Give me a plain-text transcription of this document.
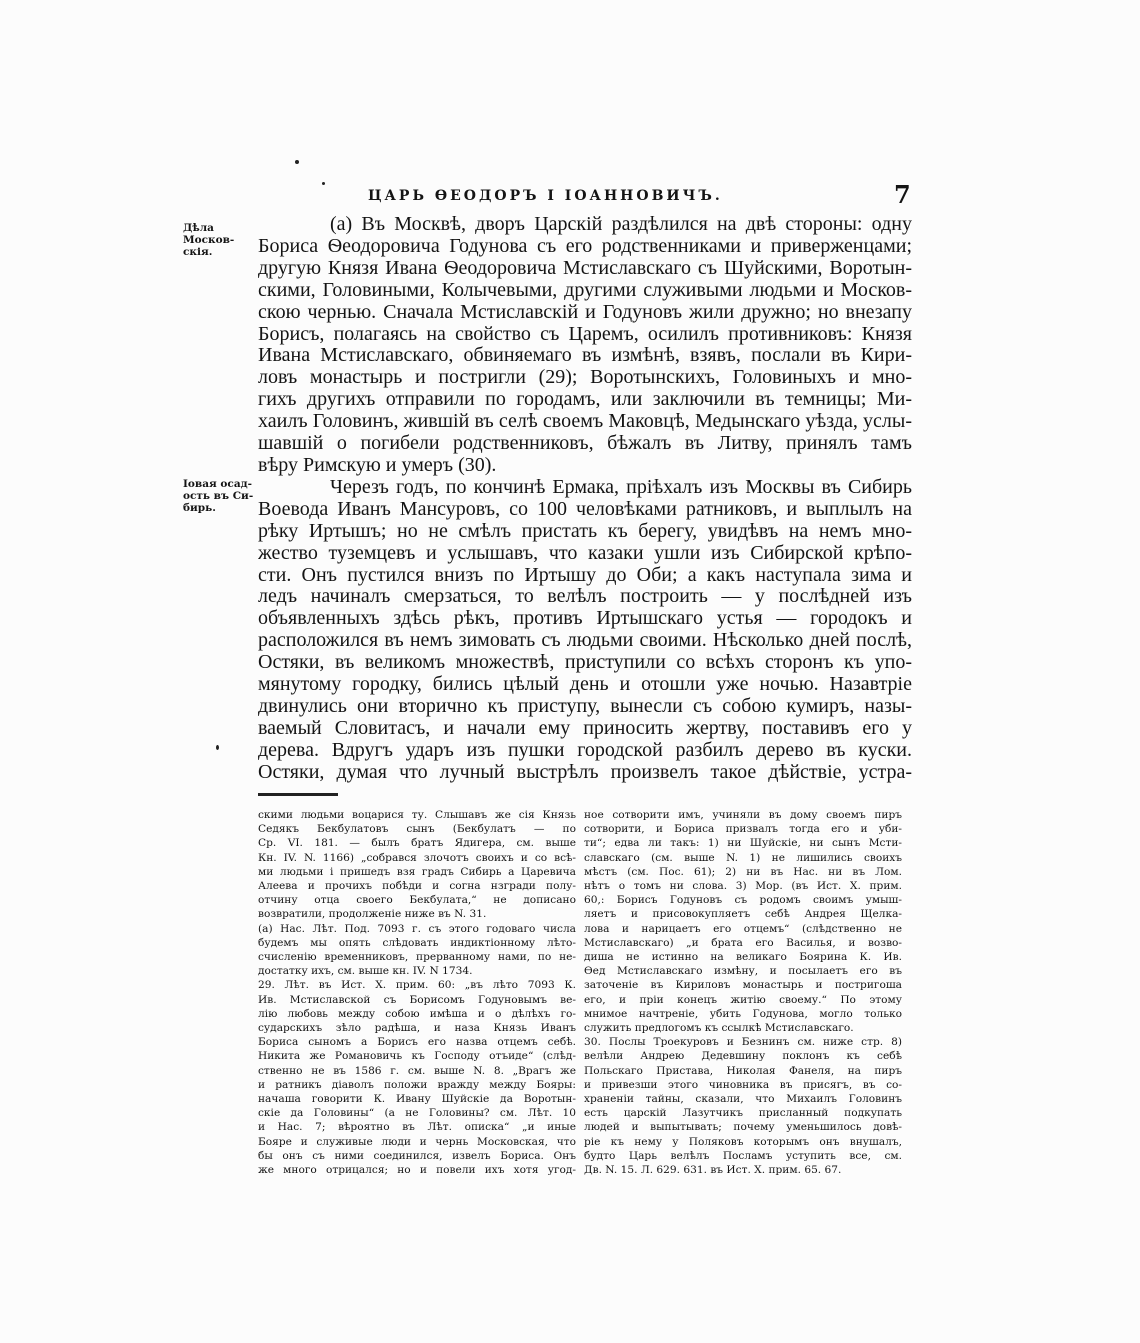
ЦАРЬ ѲЕОДОРЪ I ІОАННОВИЧЪ.	7
Дѣла Москов-
скія.
Іовая осад-
ость въ Си-
бирь.
(а) Въ Москвѣ, дворъ Царскій раздѣлился на двѣ стороны: одну
Бориса Ѳеодоровича Годунова съ его родственниками и приверженцами;
другую Князя Ивана Ѳеодоровича Мстиславскаго съ Шуйскими, Воротын-
скими, Головиными, Колычевыми, другими служивыми людьми и Москов-
скою чернью. Сначала Мстиславскій и Годуновъ жили дружно; но внезапу
Борисъ, полагаясь на свойство съ Царемъ, осилилъ противниковъ: Князя
Ивана Мстиславскаго, обвиняемаго въ измѣнѣ, взявъ, послали въ Кири-
ловъ монастырь и постригли (29); Воротынскихъ, Головиныхъ и мно-
гихъ другихъ отправили по городамъ, или заключили въ темницы; Ми-
хаилъ Головинъ, жившій въ селѣ своемъ Маковцѣ, Медынскаго уѣзда, услы-
шавшій о погибели родственниковъ, бѣжалъ въ Литву, принялъ тамъ
вѣру Римскую и умеръ (30).
Черезъ годъ, по кончинѣ Ермака, пріѣхалъ изъ Москвы въ Сибирь
Воевода Иванъ Мансуровъ, со 100 человѣками ратниковъ, и выплылъ на
рѣку Иртышъ; но не смѣлъ пристать къ берегу, увидѣвъ на немъ мно-
жество туземцевъ и услышавъ, что казаки ушли изъ Сибирской крѣпо-
сти. Онъ пустился внизъ по Иртышу до Оби; а какъ наступала зима и
ледъ начиналъ смерзаться, то велѣлъ построить — у послѣдней изъ
объявленныхъ здѣсь рѣкъ, противъ Иртышскаго устья — городокъ и
расположился въ немъ зимовать съ людьми своими. Нѣсколько дней послѣ,
Остяки, въ великомъ множествѣ, приступили со всѣхъ сторонъ къ упо-
мянутому городку, бились цѣлый день и отошли уже ночью. Назавтріе
двинулись они вторично къ приступу, вынесли съ собою кумиръ, назы-
ваемый Словитасъ, и начали ему приносить жертву, поставивъ его у
дерева. Вдругъ ударъ изъ пушки городской разбилъ дерево въ куски.
Остяки, думая что лучный выстрѣлъ произвелъ такое дѣйствіе, устра-
скими людьми воцарися ту. Слышавъ же сія Князь
Седякъ Бекбулатовъ сынъ (Бекбулатъ — по
Ср. VI. 181. — былъ братъ Ядигера, см. выше
Кн. IV. N. 1166) „собрався злочотъ своихъ и со всѣ-
ми людьми і пришедъ взя градъ Сибирь а Царевича
Алеева и прочихъ побѣди и согна нзгради полу-
отчину отца своего Бекбулата,“ не дописано
возвратили, продолженіе ниже въ N. 31.
(а) Нас. Лѣт. Под. 7093 г. съ этого годоваго числа
будемъ мы опять слѣдовать индиктіонному лѣто-
счисленію временниковъ, прерванному нами, по не-
достатку ихъ, см. выше кн. IV. N 1734.
29. Лѣт. въ Ист. X. прим. 60: „въ лѣто 7093 К.
Ив. Мстиславской съ Борисомъ Годуновымъ ве-
лію любовь между собою имѣша и о дѣлѣхъ го-
сударскихъ зѣло радѣша, и наза Князь Иванъ
Бориса сыномъ а Борисъ его назва отцемъ себѣ.
Никита же Романовичь къ Господу отъиде“ (слѣд-
ственно не въ 1586 г. см. выше N. 8. „Врагъ же
и ратникъ діаволъ положи вражду между Бояры:
начаша говорити К. Ивану Шуйскіе да Воротын-
скіе да Головины“ (а не Головины? см. Лѣт. 10
и Нас. 7; вѣроятно въ Лѣт. описка“ „и иные
Бояре и служивые люди и чернь Московская, что
бы онъ съ ними соединился, извелъ Бориса. Онъ
же много отрицался; но и повели ихъ хотя угод-
ное сотворити имъ, учиняли въ дому своемъ пиръ
сотворити, и Бориса призвалъ тогда его и уби-
ти“; едва ли такъ: 1) ни Шуйскіе, ни сынъ Мсти-
славскаго (см. выше N. 1) не лишились своихъ
мѣстъ (см. Пос. 61); 2) ни въ Нас. ни въ Лом.
нѣтъ о томъ ни слова. 3) Мор. (въ Ист. X. прим.
60,: Борисъ Годуновъ съ родомъ своимъ умыш-
ляетъ и присовокупляетъ себѣ Андрея Щелка-
лова и нарицаетъ его отцемъ“ (слѣдственно не
Мстиславскаго) „и брата его Василья, и возво-
диша не истинно на великаго Боярина К. Ив.
Ѳед Мстиславскаго измѣну, и посылаетъ его въ
заточеніе въ Кириловъ монастырь и постригоша
его, и пріи конецъ житію своему.“ По этому
мнимое начтреніе, убить Годунова, могло только
служить предлогомъ къ ссылкѣ Мстиславскаго.
30. Послы Троекуровъ и Безнинъ см. ниже стр. 8)
велѣли Андрею Дедевшину поклонъ къ себѣ
Польскаго Пристава, Николая Фанеля, на пиръ
и привезши этого чиновника въ присягъ, въ со-
храненіи тайны, сказали, что Михаилъ Головинъ
есть царскій Лазутчикъ присланный подкупать
людей и выпытывать; почему уменьшилось довѣ-
ріе къ нему у Поляковъ которымъ онъ внушалъ,
будто Царь велѣлъ Посламъ уступить все, см.
Дв. N. 15. Л. 629. 631. въ Ист. X. прим. 65. 67.
